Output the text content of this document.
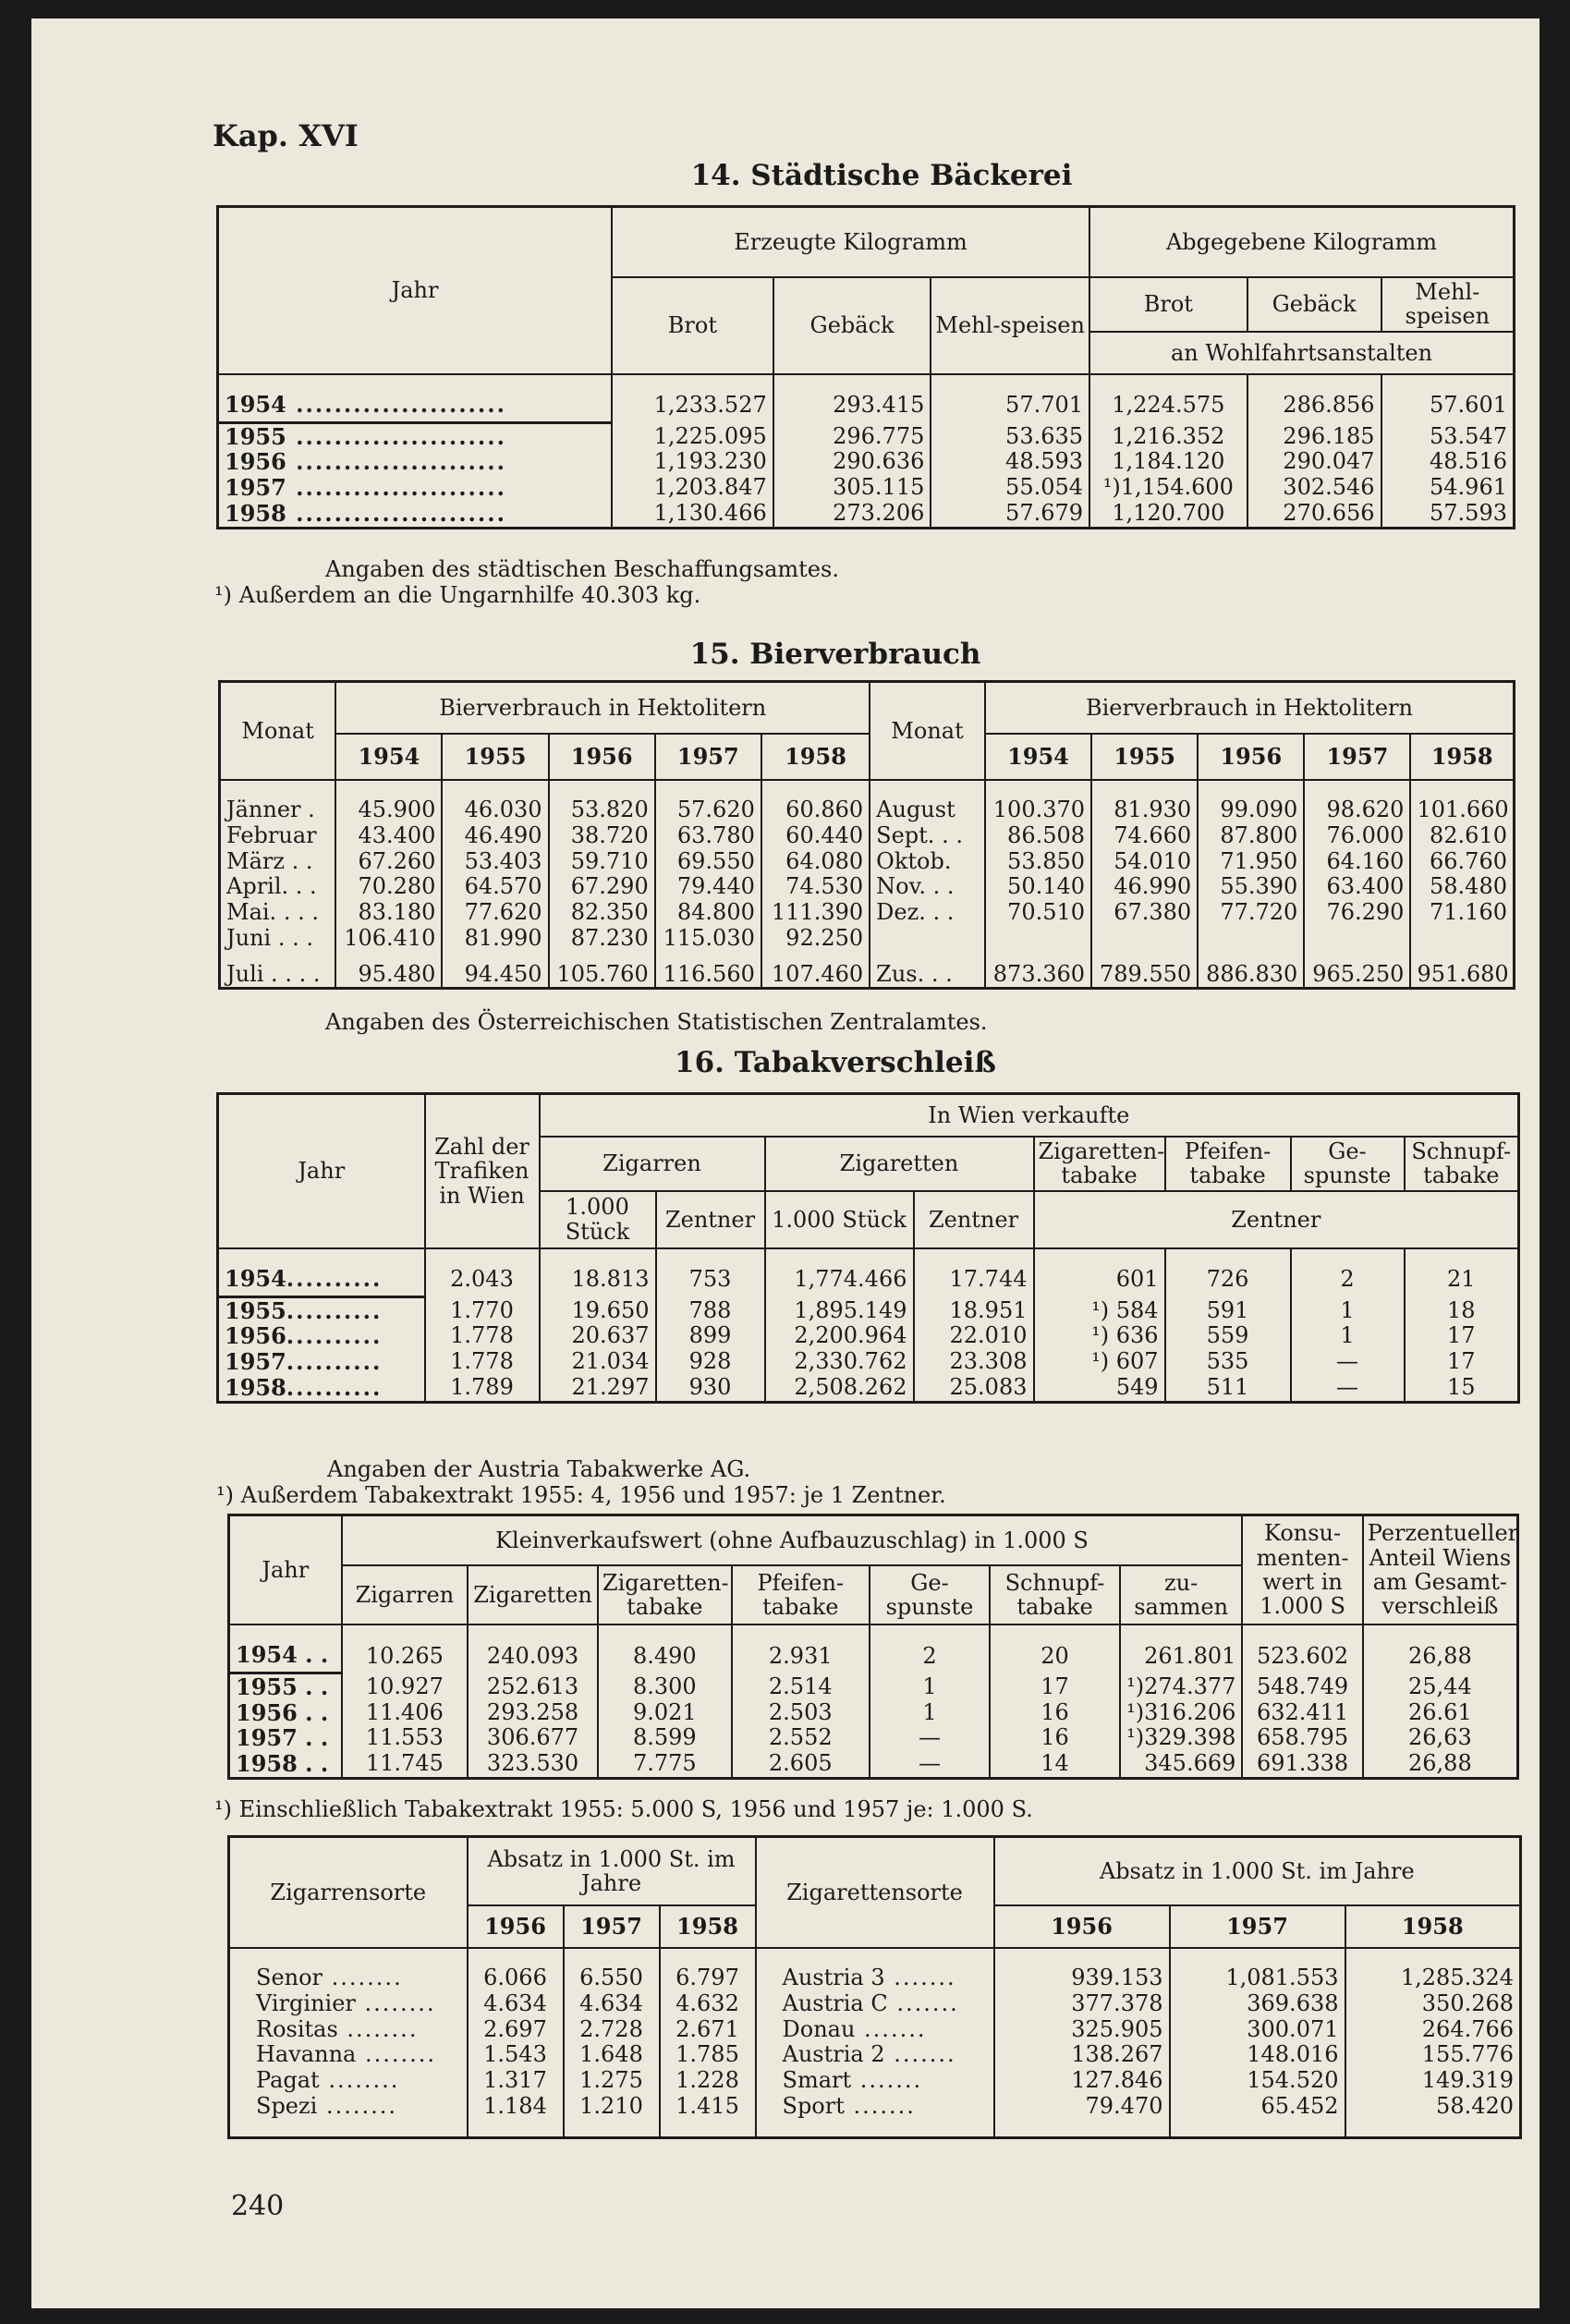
Kap. XVI
14. Städtische Bäckerei
Jahr	Erzeugte Kilogramm			Abgegebene Kilogramm		
	Brot	Gebäck	Mehl-speisen	Brot	Gebäck	Mehl-speisen
				an Wohlfahrtsanstalten		

1954 ......................	1,233.527	293.415	57.701	1,224.575	286.856	57.601
1955 ......................	1,225.095	296.775	53.635	1,216.352	296.185	53.547
1956 ......................	1,193.230	290.636	48.593	1,184.120	290.047	48.516
1957 ......................	1,203.847	305.115	55.054	¹)1,154.600	302.546	54.961
1958 ......................	1,130.466	273.206	57.679	1,120.700	270.656	57.593
Angaben des städtischen Beschaffungsamtes.
¹) Außerdem an die Ungarnhilfe 40.303 kg.
15. Bierverbrauch
Monat	Bierverbrauch in Hektolitern					Monat	Bierverbrauch in Hektolitern				
	1954	1955	1956	1957	1958		1954	1955	1956	1957	1958

Jänner .	45.900	46.030	53.820	57.620	60.860	August	100.370	81.930	99.090	98.620	101.660
Februar	43.400	46.490	38.720	63.780	60.440	Sept. . .	86.508	74.660	87.800	76.000	82.610
März . .	67.260	53.403	59.710	69.550	64.080	Oktob.	53.850	54.010	71.950	64.160	66.760
April. . .	70.280	64.570	67.290	79.440	74.530	Nov. . .	50.140	46.990	55.390	63.400	58.480
Mai. . . .	83.180	77.620	82.350	84.800	111.390	Dez. . .	70.510	67.380	77.720	76.290	71.160
Juni . . .	106.410	81.990	87.230	115.030	92.250						
Juli . . . .	95.480	94.450	105.760	116.560	107.460	Zus. . .	873.360	789.550	886.830	965.250	951.680
Angaben des Österreichischen Statistischen Zentralamtes.
16. Tabakverschleiß
Jahr	Zahl der Trafiken in Wien	In Wien verkaufte							
		Zigarren		Zigaretten		Zigaretten-tabake	Pfeifen-tabake	Ge-spunste	Schnupf-tabake
		1.000 Stück	Zentner	1.000 Stück	Zentner	Zentner			

1954..........	2.043	18.813	753	1,774.466	17.744	601	726	2	21
1955..........	1.770	19.650	788	1,895.149	18.951	¹) 584	591	1	18
1956..........	1.778	20.637	899	2,200.964	22.010	¹) 636	559	1	17
1957..........	1.778	21.034	928	2,330.762	23.308	¹) 607	535	—	17
1958..........	1.789	21.297	930	2,508.262	25.083	549	511	—	15
Angaben der Austria Tabakwerke AG.
¹) Außerdem Tabakextrakt 1955: 4, 1956 und 1957: je 1 Zentner.
Jahr	Kleinverkaufswert (ohne Aufbauzuschlag) in 1.000 S							Konsu-menten-wert in 1.000 S	Perzentueller Anteil Wiens am Gesamt-verschleiß
	Zigarren	Zigaretten	Zigaretten-tabake	Pfeifen-tabake	Ge-spunste	Schnupf-tabake	zu-sammen		

1954 . .	10.265	240.093	8.490	2.931	2	20	261.801	523.602	26,88
1955 . .	10.927	252.613	8.300	2.514	1	17	¹)274.377	548.749	25,44
1956 . .	11.406	293.258	9.021	2.503	1	16	¹)316.206	632.411	26.61
1957 . .	11.553	306.677	8.599	2.552	—	16	¹)329.398	658.795	26,63
1958 . .	11.745	323.530	7.775	2.605	—	14	345.669	691.338	26,88
¹) Einschließlich Tabakextrakt 1955: 5.000 S, 1956 und 1957 je: 1.000 S.
Zigarrensorte	Absatz in 1.000 St. im Jahre			Zigarettensorte	Absatz in 1.000 St. im Jahre		
	1956	1957	1958		1956	1957	1958

Senor ........	6.066	6.550	6.797	Austria 3 .......	939.153	1,081.553	1,285.324
Virginier ........	4.634	4.634	4.632	Austria C .......	377.378	369.638	350.268
Rositas ........	2.697	2.728	2.671	Donau .......	325.905	300.071	264.766
Havanna ........	1.543	1.648	1.785	Austria 2 .......	138.267	148.016	155.776
Pagat ........	1.317	1.275	1.228	Smart .......	127.846	154.520	149.319
Spezi ........	1.184	1.210	1.415	Sport .......	79.470	65.452	58.420

240
